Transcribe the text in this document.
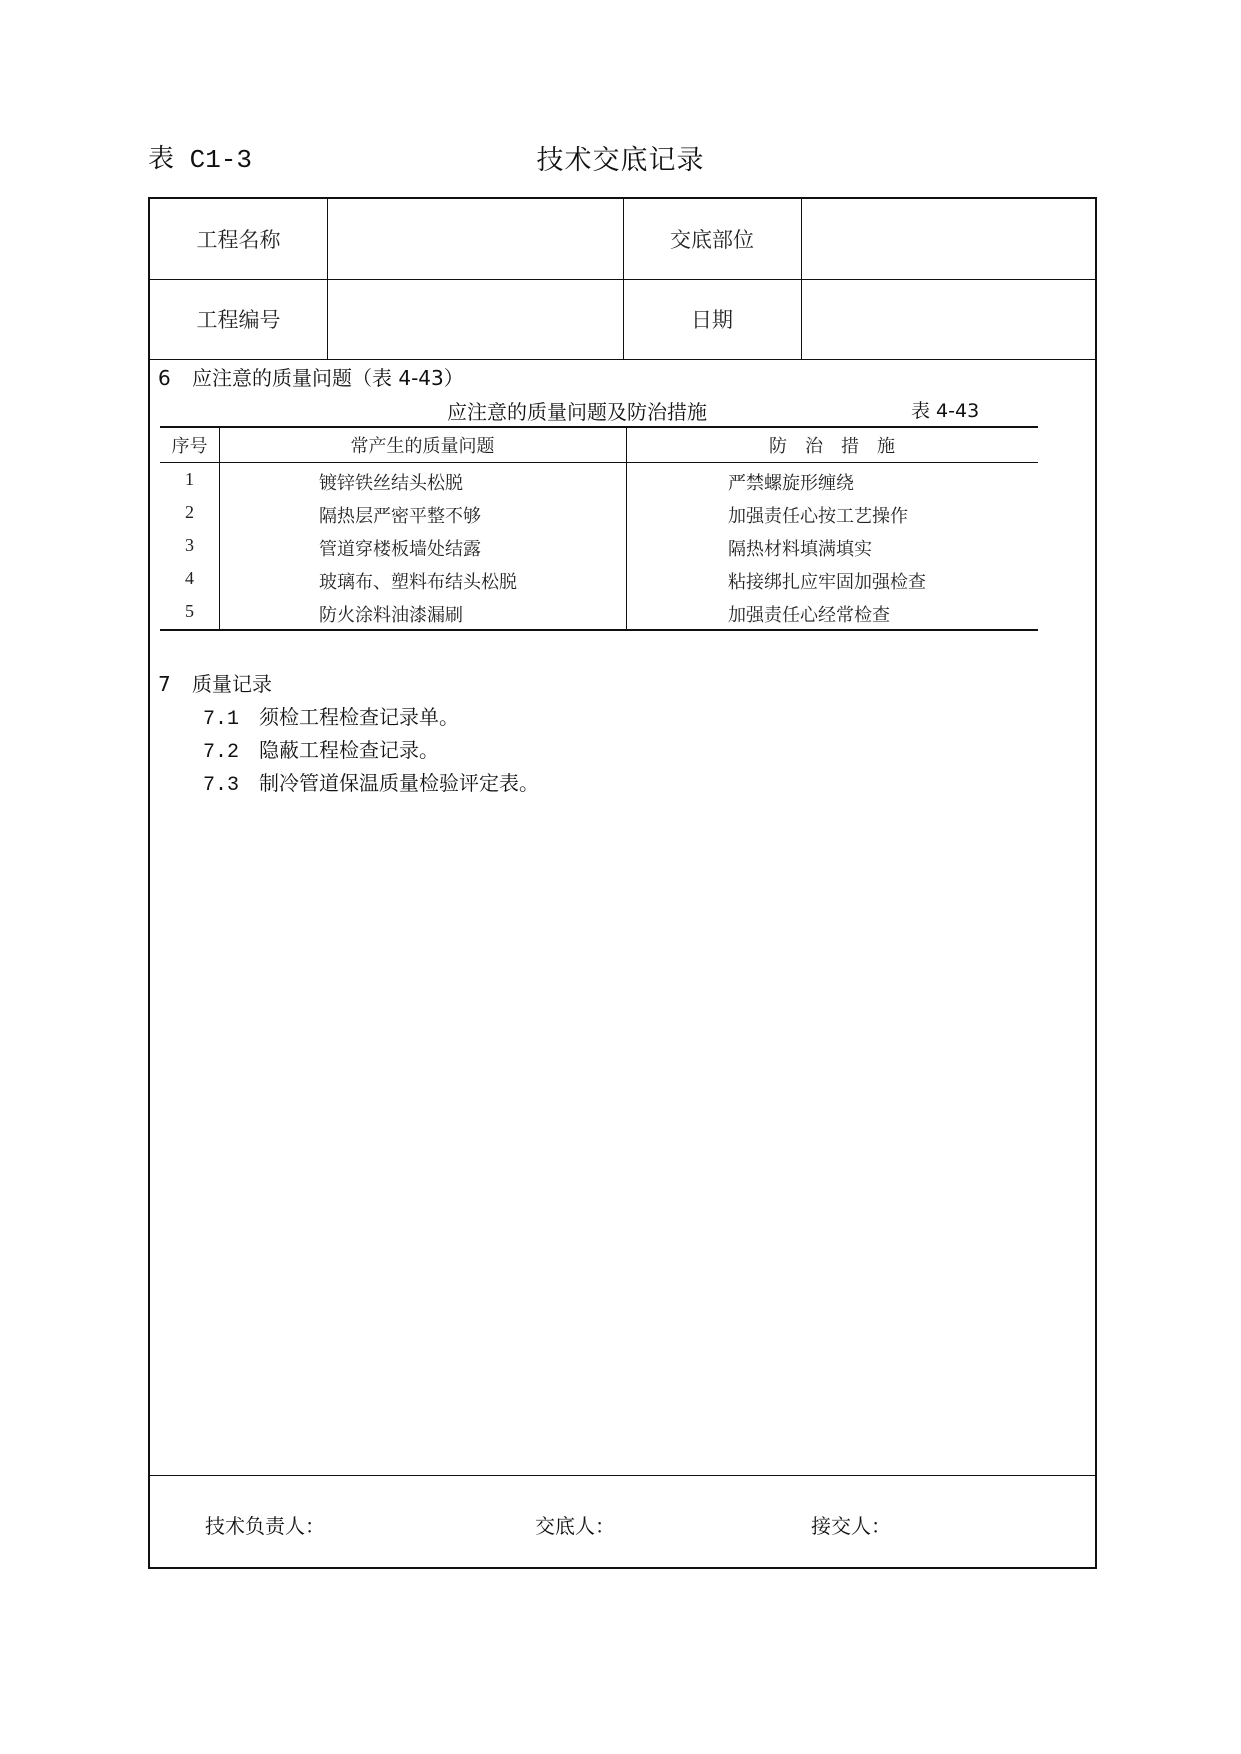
表 C1-3	技术交底记录
工程名称	交底部位
工程编号	日期
6 应注意的质量问题（表 4-43）
应注意的质量问题及防治措施	表 4-43
序号	常产生的质量问题	防　治　措　施
1	镀锌铁丝结头松脱	严禁螺旋形缠绕
2	隔热层严密平整不够	加强责任心按工艺操作
3	管道穿楼板墙处结露	隔热材料填满填实
4	玻璃布、塑料布结头松脱	粘接绑扎应牢固加强检查
5	防火涂料油漆漏刷	加强责任心经常检查
7 质量记录
7.1 须检工程检查记录单。
7.2 隐蔽工程检查记录。
7.3 制冷管道保温质量检验评定表。
技术负责人：	交底人：	接交人：
